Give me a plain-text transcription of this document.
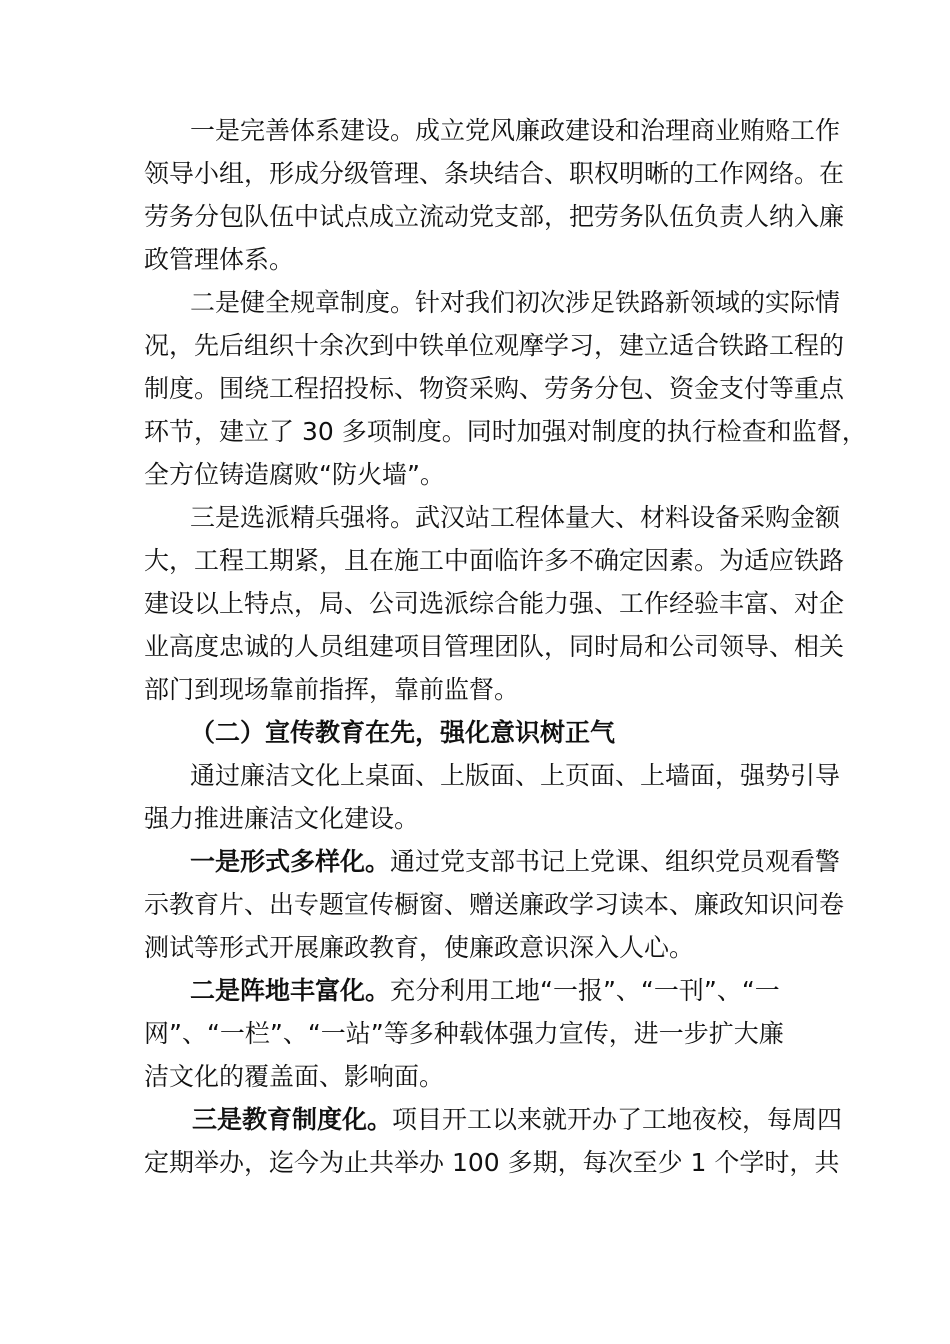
一是完善体系建设。成立党风廉政建设和治理商业贿赂工作
领导小组，形成分级管理、条块结合、职权明晰的工作网络。在
劳务分包队伍中试点成立流动党支部，把劳务队伍负责人纳入廉
政管理体系。
二是健全规章制度。针对我们初次涉足铁路新领域的实际情
况，先后组织十余次到中铁单位观摩学习，建立适合铁路工程的
制度。围绕工程招投标、物资采购、劳务分包、资金支付等重点
环节，建立了 30 多项制度。同时加强对制度的执行检查和监督，
全方位铸造腐败“防火墙”。
三是选派精兵强将。武汉站工程体量大、材料设备采购金额
大，工程工期紧，且在施工中面临许多不确定因素。为适应铁路
建设以上特点，局、公司选派综合能力强、工作经验丰富、对企
业高度忠诚的人员组建项目管理团队，同时局和公司领导、相关
部门到现场靠前指挥，靠前监督。
（二）宣传教育在先，强化意识树正气
通过廉洁文化上桌面、上版面、上页面、上墙面，强势引导
强力推进廉洁文化建设。
一是形式多样化。通过党支部书记上党课、组织党员观看警
示教育片、出专题宣传橱窗、赠送廉政学习读本、廉政知识问卷
测试等形式开展廉政教育，使廉政意识深入人心。
二是阵地丰富化。充分利用工地“一报”、“一刊”、“一
网”、“一栏”、“一站”等多种载体强力宣传，进一步扩大廉
洁文化的覆盖面、影响面。
三是教育制度化。项目开工以来就开办了工地夜校，每周四
定期举办，迄今为止共举办 100 多期，每次至少 1 个学时，共
